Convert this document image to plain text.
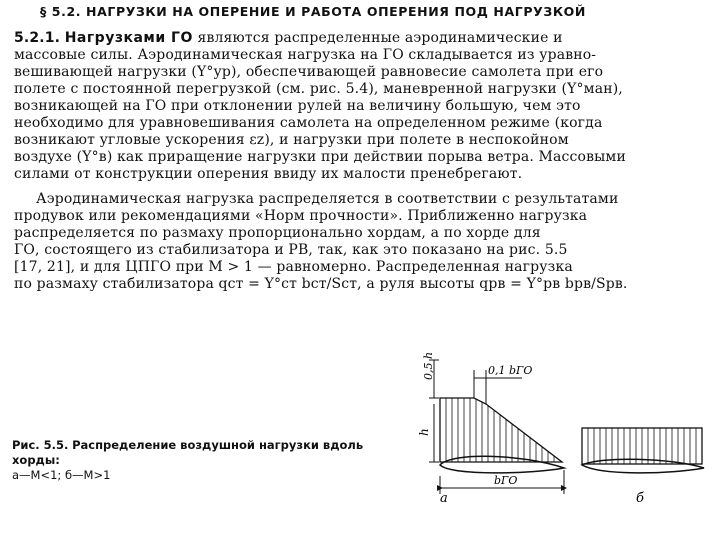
§ 5.2. НАГРУЗКИ НА ОПЕРЕНИЕ И РАБОТА ОПЕРЕНИЯ ПОД НАГРУЗКОЙ
5.2.1. Нагрузками ГО являются распределенные аэродинамические и
массовые силы. Аэродинамическая нагрузка на ГО складывается из уравно-
вешивающей нагрузки (Y°ур), обеспечивающей равновесие самолета при его
полете с постоянной перегрузкой (см. рис. 5.4), маневренной нагрузки (Y°ман),
возникающей на ГО при отклонении рулей на величину большую, чем это
необходимо для уравновешивания самолета на определенном режиме (когда
возникают угловые ускорения εz), и нагрузки при полете в неспокойном
воздухе (Y°в) как приращение нагрузки при действии порыва ветра. Массовыми
силами от конструкции оперения ввиду их малости пренебрегают.
Аэродинамическая нагрузка распределяется в соответствии с результатами
продувок или рекомендациями «Норм прочности». Приближенно нагрузка
распределяется по размаху пропорционально хордам, а по хорде для
ГО, состоящего из стабилизатора и РВ, так, как это показано на рис. 5.5
[17, 21], и для ЦПГО при M > 1 — равномерно. Распределенная нагрузка
по размаху стабилизатора qст = Y°ст bст/Sст, а руля высоты qрв = Y°рв bрв/Sрв.
Рис. 5.5. Распределение воздушной нагрузки вдоль
хорды:
а—M<1; б—M>1
0,5 h
h
0,1 bГО
bГО
а	б
